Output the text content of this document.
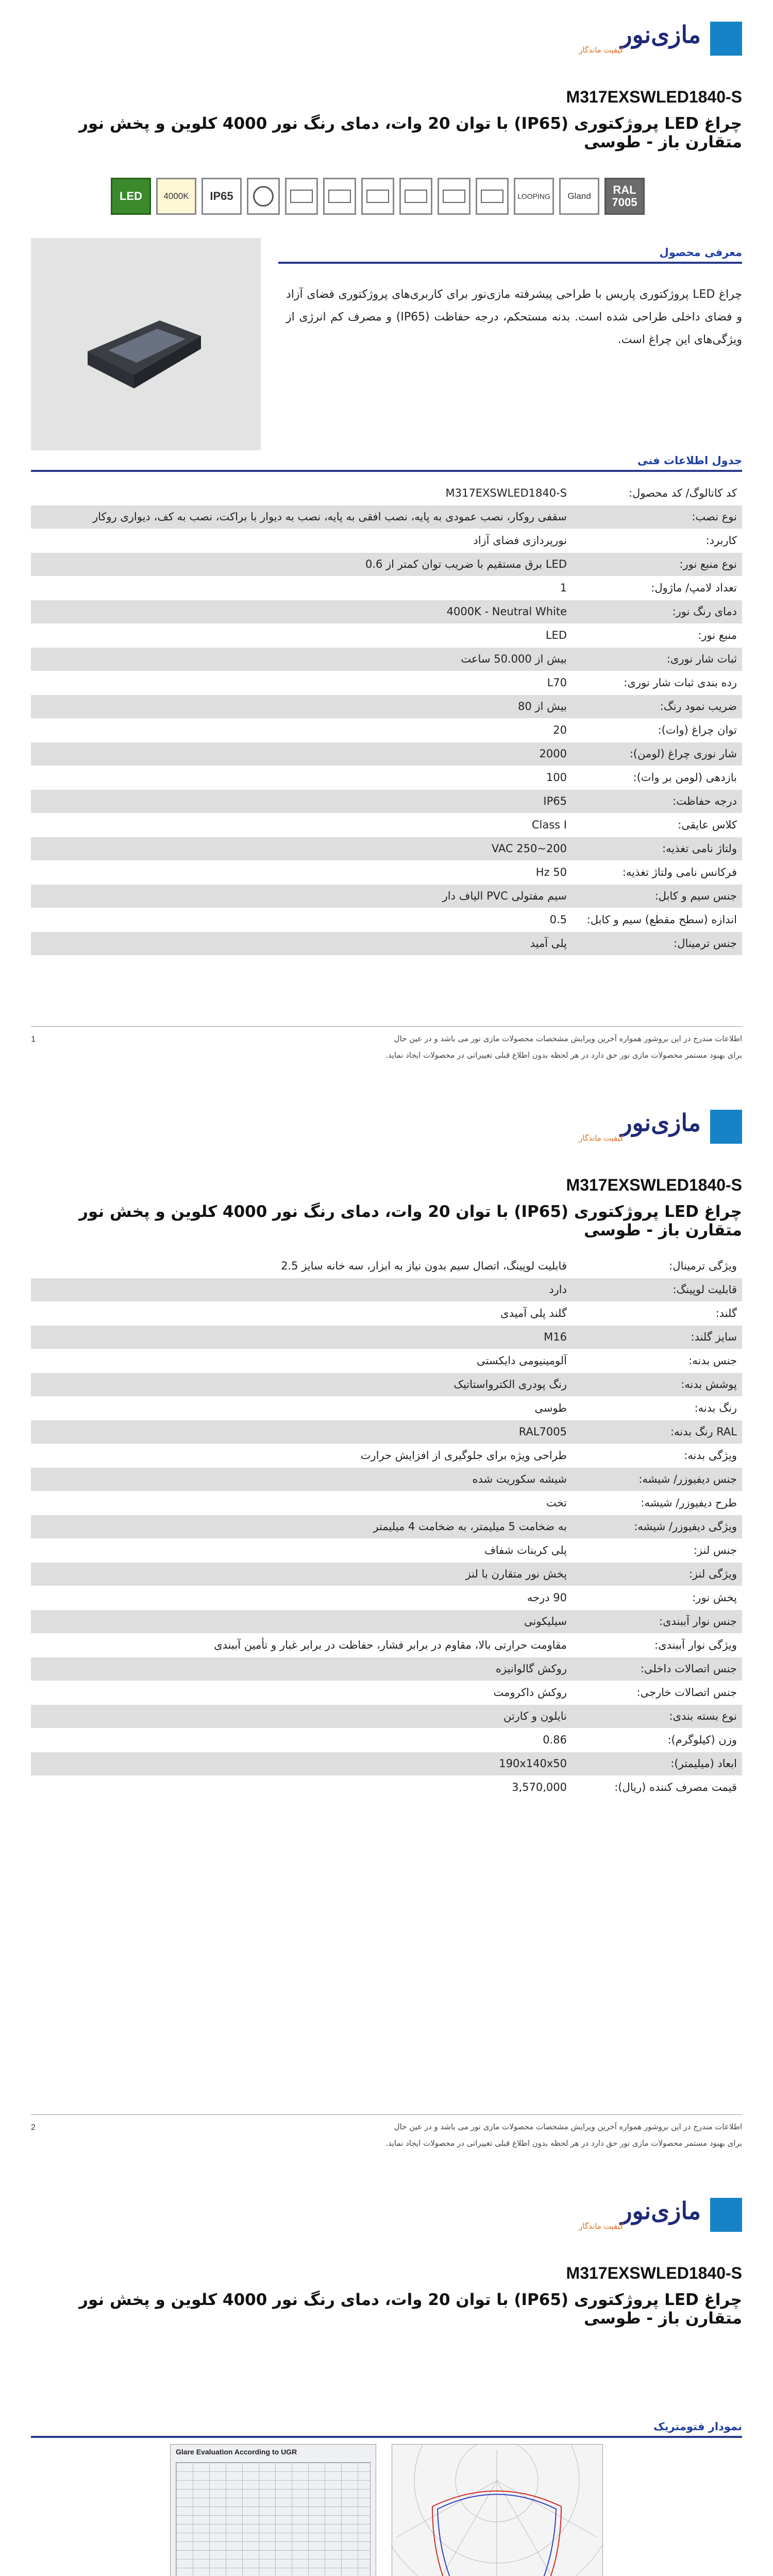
مازی‌نور
کیفیت ماندگار
M317EXSWLED1840-S
چراغ LED پروژکتوری (IP65) با توان 20 وات، دمای رنگ نور 4000 کلوین و پخش نور متقارن باز - طوسی
LED	4000K	IP65	LOOPING	Gland	RAL 7005
معرفی محصول
چراغ LED پروژکتوری پاریس با طراحی پیشرفته مازی‌نور برای کاربری‌های پروژکتوری فضای آزاد و فضای داخلی طراحی شده است. بدنه مستحکم، درجه حفاظت (IP65) و مصرف کم انرژی از ویژگی‌های این چراغ است.
جدول اطلاعات فنی
کد کاتالوگ/ کد محصول:	M317EXSWLED1840-S
نوع نصب:	سقفی روکار، نصب عمودی به پایه، نصب افقی به پایه، نصب به دیوار با براکت، نصب به کف، دیواری روکار
کاربرد:	نورپردازی فضای آزاد
نوع منبع نور:	LED برق مستقیم با ضریب توان کمتر از 0.6
تعداد لامپ/ ماژول:	1
دمای رنگ نور:	4000K - Neutral White
منبع نور:	LED
ثبات شار نوری:	بیش از 50.000 ساعت
رده بندی ثبات شار نوری:	L70
ضریب نمود رنگ:	بیش از 80
توان چراغ (وات):	20
شار نوری چراغ (لومن):	2000
بازدهی (لومن بر وات):	100
درجه حفاظت:	IP65
کلاس عایقی:	Class I
ولتاژ نامی تغذیه:	VAC 250~200
فرکانس نامی ولتاژ تغذیه:	Hz 50
جنس سیم و کابل:	سیم مفتولی PVC الیاف دار
اندازه (سطح مقطع) سیم و کابل:	0.5
جنس ترمینال:	پلی آمید
اطلاعات مندرج در این بروشور همواره آخرین ویرایش مشخصات محصولات مازی نور می باشد و در عین حال
برای بهبود مستمر محصولات مازی نور حق دارد در هر لحظه بدون اطلاع قبلی تغییراتی در محصولات ایجاد نماید.
1
مازی‌نور
کیفیت ماندگار
M317EXSWLED1840-S
چراغ LED پروژکتوری (IP65) با توان 20 وات، دمای رنگ نور 4000 کلوین و پخش نور متقارن باز - طوسی
ویژگی ترمینال:	قابلیت لوپینگ، اتصال سیم بدون نیاز به ابزار، سه خانه سایز 2.5
قابلیت لوپینگ:	دارد
گلند:	گلند پلی آمیدی
سایز گلند:	M16
جنس بدنه:	آلومینیومی دایکستی
پوشش بدنه:	رنگ پودری الکترواستاتیک
رنگ بدنه:	طوسی
RAL رنگ بدنه:	RAL7005
ویژگی بدنه:	طراحی ویژه برای جلوگیری از افزایش حرارت
جنس دیفیوزر/ شیشه:	شیشه سکوریت شده
طرح دیفیوزر/ شیشه:	تخت
ویژگی دیفیوزر/ شیشه:	به ضخامت 5 میلیمتر، به ضخامت 4 میلیمتر
جنس لنز:	پلی کربنات شفاف
ویژگی لنز:	پخش نور متقارن با لنز
پخش نور:	90 درجه
جنس نوار آببندی:	سیلیکونی
ویژگی نوار آببندی:	مقاومت حرارتی بالا، مقاوم در برابر فشار، حفاظت در برابر غبار و تأمین آببندی
جنس اتصالات داخلی:	روکش گالوانیزه
جنس اتصالات خارجی:	روکش داکرومت
نوع بسته بندی:	نایلون و کارتن
وزن (کیلوگرم):	0.86
ابعاد (میلیمتر):	190x140x50
قیمت مصرف کننده (ریال):	3,570,000
اطلاعات مندرج در این بروشور همواره آخرین ویرایش مشخصات محصولات مازی نور می باشد و در عین حال
برای بهبود مستمر محصولات مازی نور حق دارد در هر لحظه بدون اطلاع قبلی تغییراتی در محصولات ایجاد نماید.
2
مازی‌نور
کیفیت ماندگار
M317EXSWLED1840-S
چراغ LED پروژکتوری (IP65) با توان 20 وات، دمای رنگ نور 4000 کلوین و پخش نور متقارن باز - طوسی
نمودار فتومتریک
Glare Evaluation According to UGR
